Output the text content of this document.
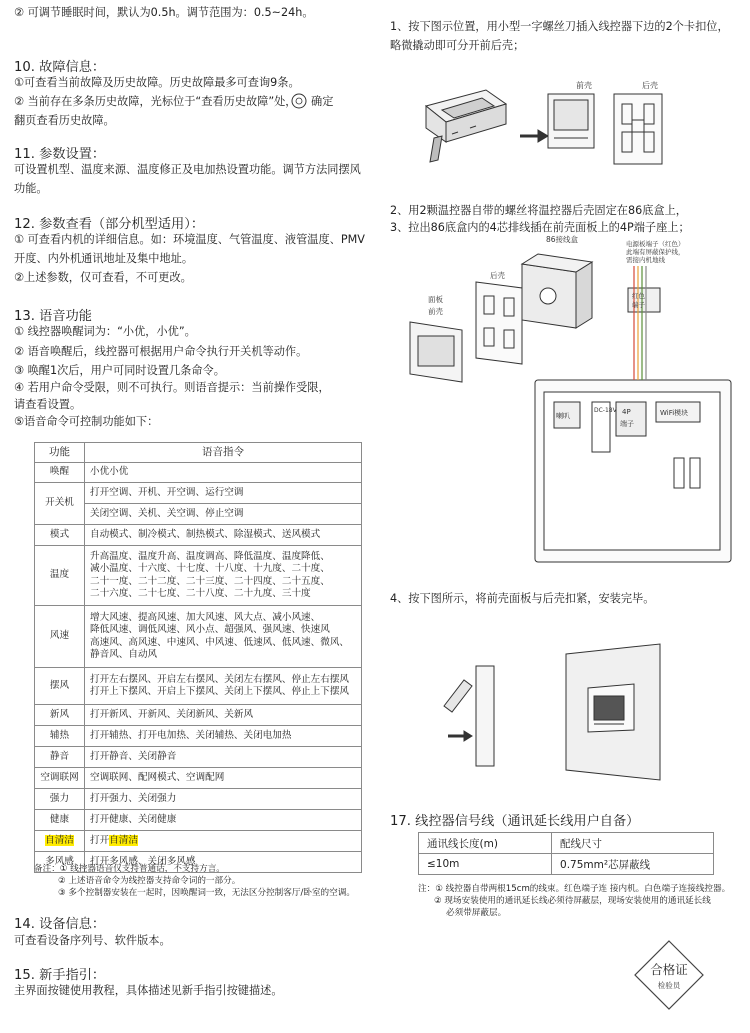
② 可调节睡眠时间，默认为0.5h。调节范围为：0.5~24h。
10. 故障信息：
①可查看当前故障及历史故障。历史故障最多可查询9条。
② 当前存在多条历史故障，光标位于“查看历史故障”处， 确定
翻页查看历史故障。
11. 参数设置：
可设置机型、温度来源、温度修正及电加热设置功能。调节方法同摆风
功能。
12. 参数查看（部分机型适用）：
① 可查看内机的详细信息。如：环境温度、气管温度、液管温度、PMV
开度、内外机通讯地址及集中地址。
②上述参数，仅可查看，不可更改。
13. 语音功能
① 线控器唤醒词为：“小优，小优”。
② 语音唤醒后，线控器可根据用户命令执行开关机等动作。
③ 唤醒1次后，用户可同时设置几条命令。
④ 若用户命令受限，则不可执行。则语音提示：当前操作受限，
请查看设置。
⑤语音命令可控制功能如下：
功能	语音指令
唤醒	小优小优
开关机	打开空调、开机、开空调、运行空调
	关闭空调、关机、关空调、停止空调
模式	自动模式、制冷模式、制热模式、除湿模式、送风模式
温度	升高温度、温度升高、温度调高、降低温度、温度降低、
减小温度、十六度、十七度、十八度、十九度、二十度、
二十一度、二十二度、二十三度、二十四度、二十五度、
二十六度、二十七度、二十八度、二十九度、三十度

风速	增大风速、提高风速、加大风速、风大点、减小风速、
降低风速、调低风速、风小点、超强风、强风速、快速风
高速风、高风速、中速风、中风速、低速风、低风速、微风、
静音风、自动风

摆风	打开左右摆风、开启左右摆风、关闭左右摆风、停止左右摆风
打开上下摆风、开启上下摆风、关闭上下摆风、停止上下摆风

新风	打开新风、开新风、关闭新风、关新风
辅热	打开辅热、打开电加热、关闭辅热、关闭电加热
静音	打开静音、关闭静音
空调联网	空调联网、配网模式、空调配网
强力	打开强力、关闭强力
健康	打开健康、关闭健康
自清洁	打开自清洁
多风感	打开多风感、关闭多风感
备注：① 线控器语音仅支持普通话，不支持方言。
② 上述语音命令为线控器支持命令词的一部分。
③ 多个控制器安装在一起时，因唤醒词一致，无法区分控制客厅/卧室的空调。
14. 设备信息：
可查看设备序列号、软件版本。
15. 新手指引：
主界面按键使用教程，具体描述见新手指引按键描述。
1、按下图示位置，用小型一字螺丝刀插入线控器下边的2个卡扣位，
略微撬动即可分开前后壳；
前壳	后壳
2、用2颗温控器自带的螺丝将温控器后壳固定在86底盒上，
3、拉出86底盒内的4芯排线插在前壳面板上的4P端子座上；
86接线盒
后壳
面板
前壳
电源板端子（红色）
此端有屏蔽保护线，
需接内机地线
红色
端子
喇叭
DC-18V 4P
端子
WiFi模块
4、按下图所示，将前壳面板与后壳扣紧，安装完毕。
17. 线控器信号线（通讯延长线用户自备）
通讯线长度(m)	配线尺寸
≤10m	0.75mm²芯屏蔽线
注：① 线控器自带两根15cm的线束。红色端子连 接内机。白色端子连接线控器。
② 现场安装使用的通讯延长线必须待屏蔽层，现场安装使用的通讯延长线
必须带屏蔽层。
合格证
检验员
